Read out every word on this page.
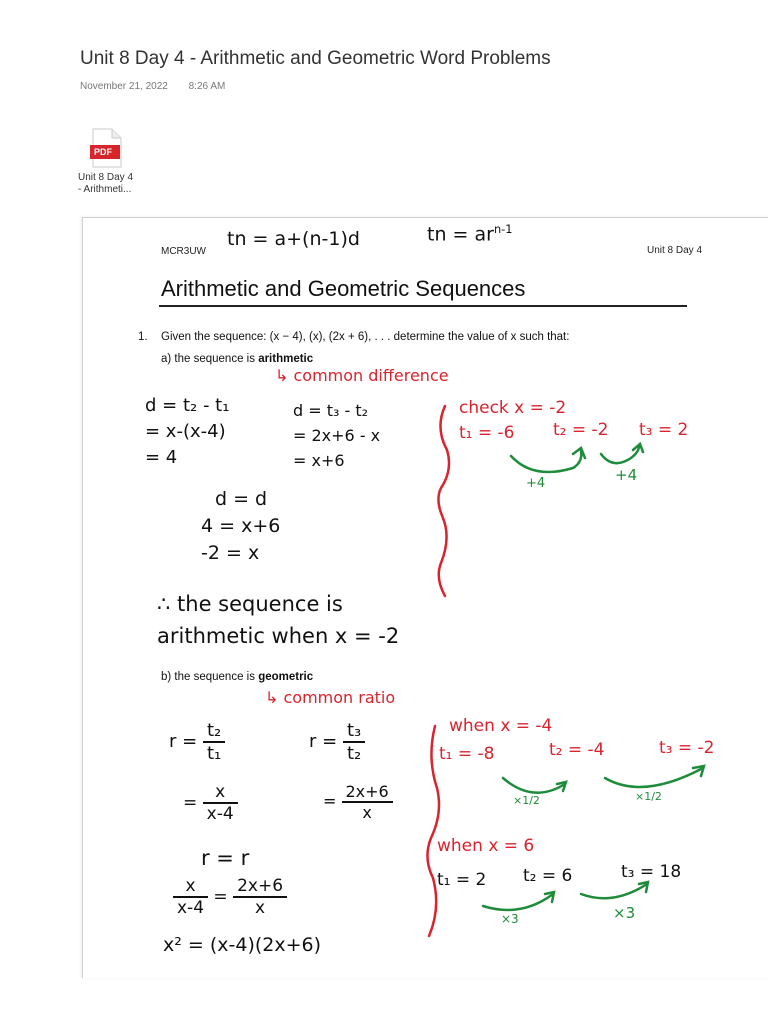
Unit 8 Day 4 - Arithmetic and Geometric Word Problems
November 21, 2022 8:26 AM
PDF
Unit 8 Day 4
- Arithmeti...
MCR3UW	Unit 8 Day 4
tn = a+(n-1)d	tn = $ar^{n-1}$
Arithmetic and Geometric Sequences
1. Given the sequence: (x − 4), (x), (2x + 6), . . . determine the value of x such that:
a) the sequence is arithmetic
↳ common difference
d = t₂ - t₁
= x-(x-4)
= 4
d = t₃ - t₂
= 2x+6 - x
= x+6
d = d
4 = x+6
-2 = x
∴ the sequence is
arithmetic when x = -2
check x = -2
t₁ = -6 t₂ = -2 t₃ = 2
+4	+4
b) the sequence is geometric
↳ common ratio
$r = \frac{\text{t₂}}{\text{t₁}}$	$r = \frac{\text{t₃}}{\text{t₂}}$
= $\frac{x}{x-4}$	= $\frac{2x+6}{x}$
r = r
$\frac{x}{x-4} = \frac{2x+6}{x}$
x² = (x-4)(2x+6)
when x = -4
t₁ = -8	t₂ = -4	t₃ = -2
×1/2	×1/2
when x = 6
t₁ = 2 t₂ = 6	t₃ = 18
×3	×3
